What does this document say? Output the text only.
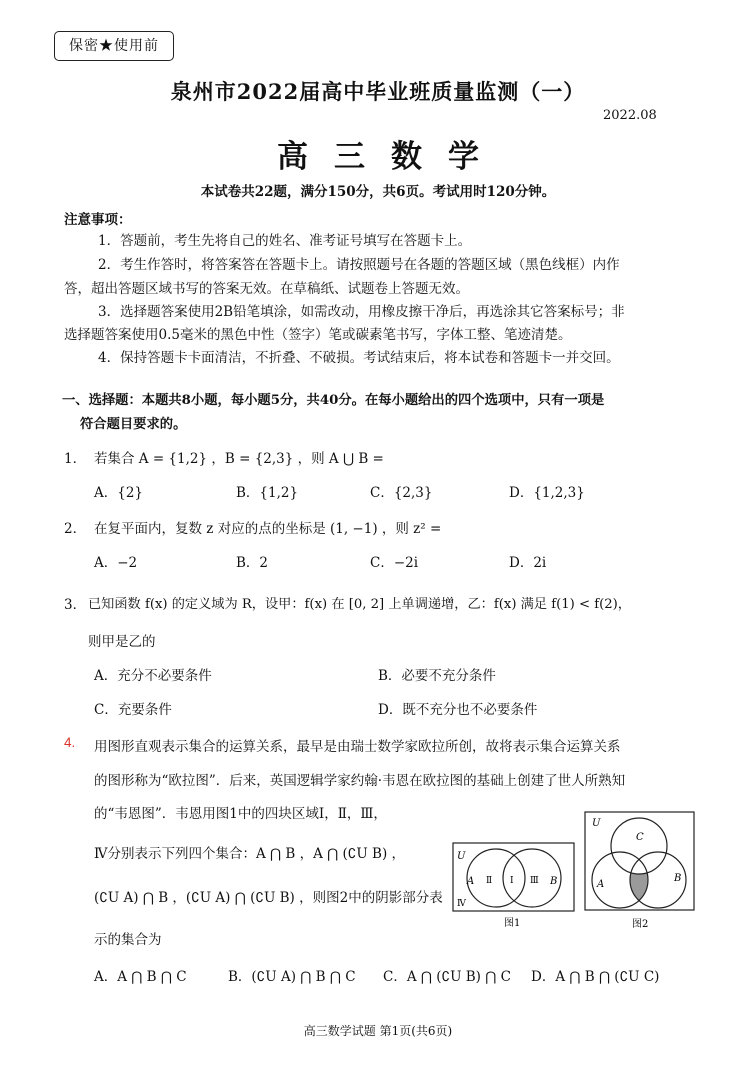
保密★使用前
泉州市2022届高中毕业班质量监测（一）
2022.08
高三数学
本试卷共22题，满分150分，共6页。考试用时120分钟。
注意事项：
1．答题前，考生先将自己的姓名、准考证号填写在答题卡上。
2．考生作答时，将答案答在答题卡上。请按照题号在各题的答题区域（黑色线框）内作
答，超出答题区域书写的答案无效。在草稿纸、试题卷上答题无效。
3．选择题答案使用2B铅笔填涂，如需改动，用橡皮擦干净后，再选涂其它答案标号；非
选择题答案使用0.5毫米的黑色中性（签字）笔或碳素笔书写，字体工整、笔迹清楚。
4．保持答题卡卡面清洁，不折叠、不破损。考试结束后，将本试卷和答题卡一并交回。
一、选择题：本题共8小题，每小题5分，共40分。在每小题给出的四个选项中，只有一项是
符合题目要求的。
1． 若集合 A = {1,2} ，B = {2,3} ，则 A ⋃ B =
A．{2}	B．{1,2}	C．{2,3}	D．{1,2,3}
2． 在复平面内，复数 z 对应的点的坐标是 (1, −1) ，则 z² =
A．−2	B．2	C．−2i	D．2i
3． 已知函数 f(x) 的定义域为 R，设甲：f(x) 在 [0, 2] 上单调递增，乙：f(x) 满足 f(1) < f(2)，
则甲是乙的
A．充分不必要条件	B．必要不充分条件
C．充要条件	D．既不充分也不必要条件
4. 用图形直观表示集合的运算关系，最早是由瑞士数学家欧拉所创，故将表示集合运算关系
的图形称为“欧拉图”．后来，英国逻辑学家约翰·韦恩在欧拉图的基础上创建了世人所熟知
的“韦恩图”．韦恩用图1中的四块区域Ⅰ，Ⅱ，Ⅲ，
Ⅳ分别表示下列四个集合：A ⋂ B ，A ⋂ (∁U B) ，
(∁U A) ⋂ B ，(∁U A) ⋂ (∁U B) ，则图2中的阴影部分表
示的集合为
A．A ⋂ B ⋂ C	B．(∁U A) ⋂ B ⋂ C C．A ⋂ (∁U B) ⋂ C D．A ⋂ B ⋂ (∁U C)
U
A Ⅱ Ⅰ Ⅲ B
Ⅳ
图1
U
C
A
B
图2
高三数学试题 第1页(共6页)
